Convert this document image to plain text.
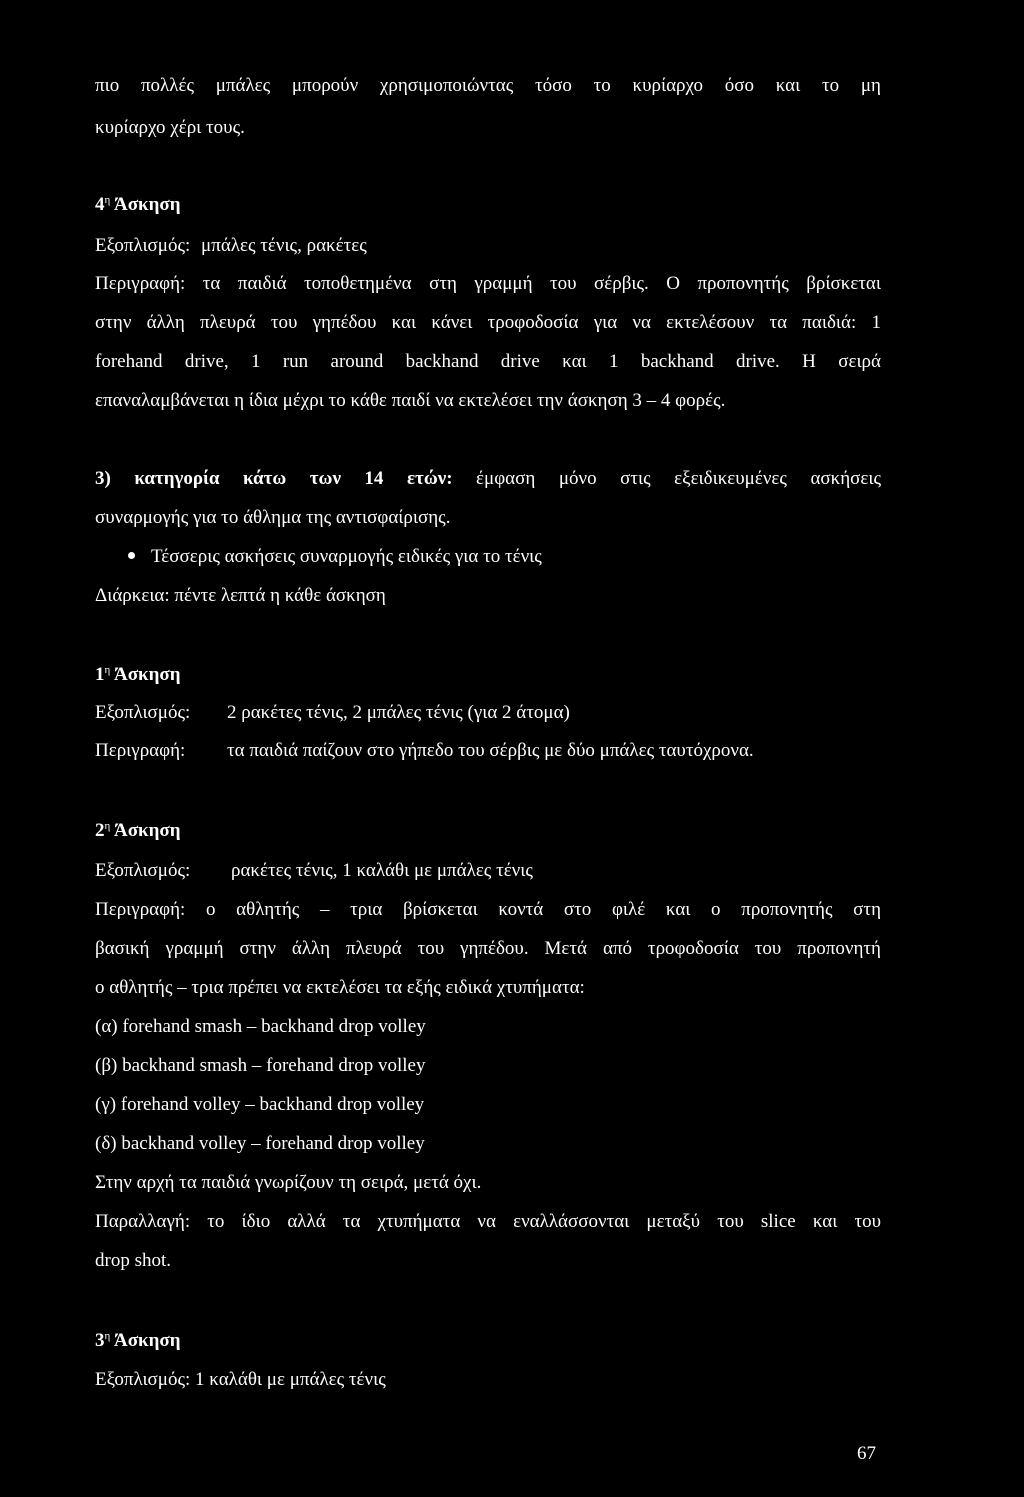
πιο πολλές μπάλες μπορούν χρησιμοποιώντας τόσο το κυρίαρχο όσο και το μη
κυρίαρχο χέρι τους.
$4^\eta$ Άσκηση
Εξοπλισμός: μπάλες τένις, ρακέτες
Περιγραφή: τα παιδιά τοποθετημένα στη γραμμή του σέρβις. Ο προπονητής βρίσκεται
στην άλλη πλευρά του γηπέδου και κάνει τροφοδοσία για να εκτελέσουν τα παιδιά: 1
forehand drive, 1 run around backhand drive και 1 backhand drive. Η σειρά
επαναλαμβάνεται η ίδια μέχρι το κάθε παιδί να εκτελέσει την άσκηση 3 – 4 φορές.
3) κατηγορία κάτω των 14 ετών: έμφαση μόνο στις εξειδικευμένες ασκήσεις
συναρμογής για το άθλημα της αντισφαίρισης.
Τέσσερις ασκήσεις συναρμογής ειδικές για το τένις
Διάρκεια: πέντε λεπτά η κάθε άσκηση
$1^\eta$ Άσκηση
Εξοπλισμός: 2 ρακέτες τένις, 2 μπάλες τένις (για 2 άτομα)
Περιγραφή: τα παιδιά παίζουν στο γήπεδο του σέρβις με δύο μπάλες ταυτόχρονα.
$2^\eta$ Άσκηση
Εξοπλισμός: ρακέτες τένις, 1 καλάθι με μπάλες τένις
Περιγραφή: ο αθλητής – τρια βρίσκεται κοντά στο φιλέ και ο προπονητής στη
βασική γραμμή στην άλλη πλευρά του γηπέδου. Μετά από τροφοδοσία του προπονητή
ο αθλητής – τρια πρέπει να εκτελέσει τα εξής ειδικά χτυπήματα:
(α) forehand smash – backhand drop volley
(β) backhand smash – forehand drop volley
(γ) forehand volley – backhand drop volley
(δ) backhand volley – forehand drop volley
Στην αρχή τα παιδιά γνωρίζουν τη σειρά, μετά όχι.
Παραλλαγή: το ίδιο αλλά τα χτυπήματα να εναλλάσσονται μεταξύ του slice και του
drop shot.
$3^\eta$ Άσκηση
Εξοπλισμός: 1 καλάθι με μπάλες τένις
67
